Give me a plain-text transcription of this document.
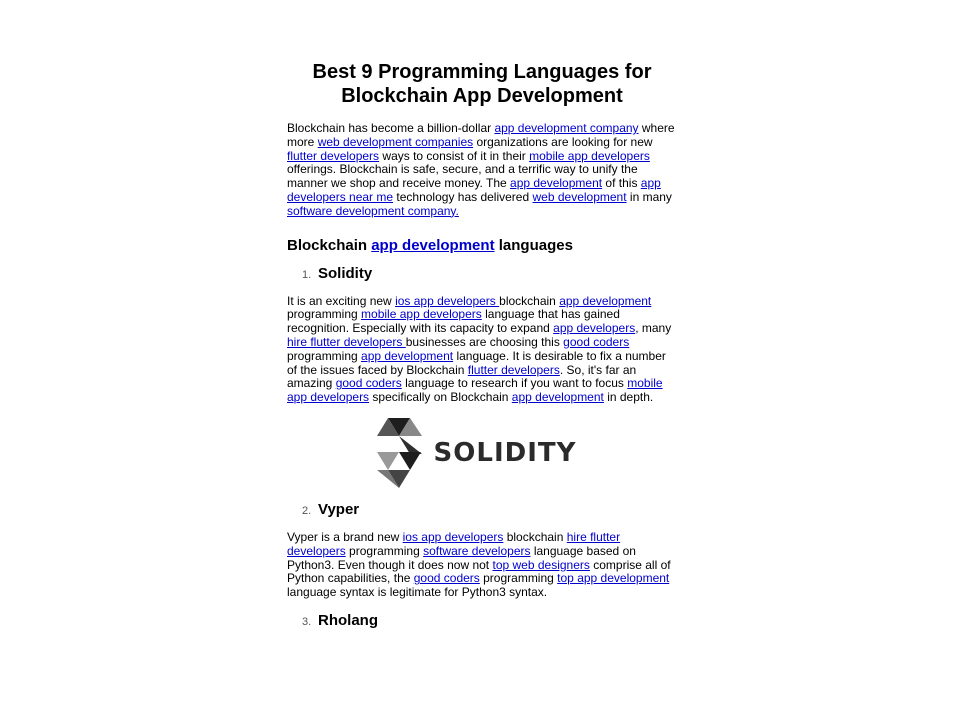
Best 9 Programming Languages for
Blockchain App Development

Blockchain has become a billion-dollar app development company where more web development companies organizations are looking for new flutter developers ways to consist of it in their mobile app developers offerings. Blockchain is safe, secure, and a terrific way to unify the manner we shop and receive money. The app development of this app developers near me technology has delivered web development in many software development company.

Blockchain app development languages
1. Solidity

It is an exciting new ios app developers blockchain app development programming mobile app developers language that has gained recognition. Especially with its capacity to expand app developers, many hire flutter developers businesses are choosing this good coders programming app development language. It is desirable to fix a number of the issues faced by Blockchain flutter developers. So, it's far an amazing good coders language to research if you want to focus mobile app developers specifically on Blockchain app development in depth.

SOLIDITY
2. Vyper

Vyper is a brand new ios app developers blockchain hire flutter developers programming software developers language based on Python3. Even though it does now not top web designers comprise all of Python capabilities, the good coders programming top app development language syntax is legitimate for Python3 syntax.

3. Rholang
